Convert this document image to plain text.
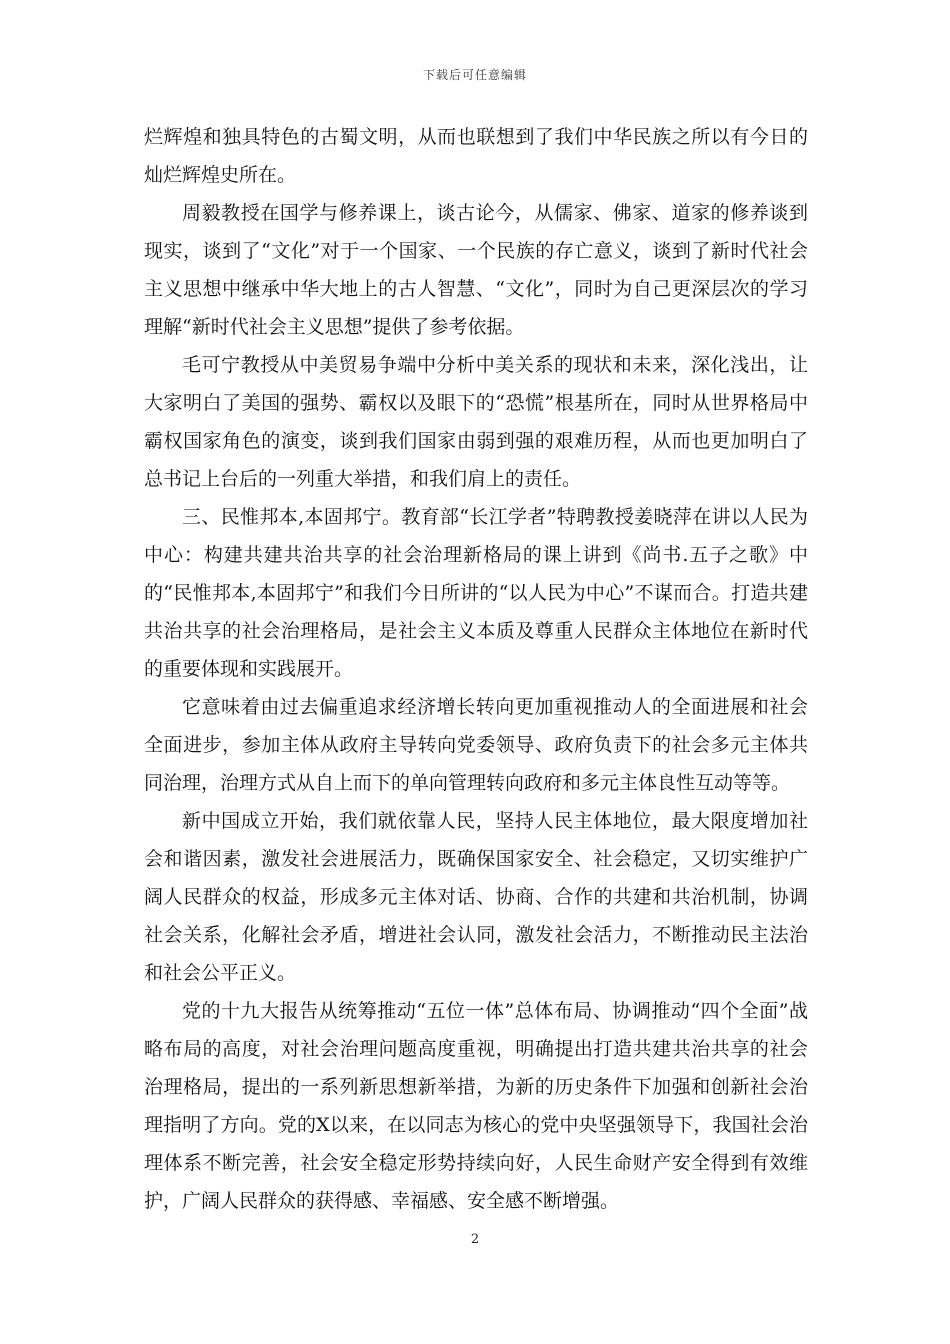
下载后可任意编辑

烂辉煌和独具特色的古蜀文明，从而也联想到了我们中华民族之所以有今日的灿烂辉煌史所在。

周毅教授在国学与修养课上，谈古论今，从儒家、佛家、道家的修养谈到现实，谈到了“文化”对于一个国家、一个民族的存亡意义，谈到了新时代社会主义思想中继承中华大地上的古人智慧、“文化”，同时为自己更深层次的学习理解“新时代社会主义思想”提供了参考依据。

毛可宁教授从中美贸易争端中分析中美关系的现状和未来，深化浅出，让大家明白了美国的强势、霸权以及眼下的“恐慌”根基所在，同时从世界格局中霸权国家角色的演变，谈到我们国家由弱到强的艰难历程，从而也更加明白了总书记上台后的一列重大举措，和我们肩上的责任。

三、民惟邦本,本固邦宁。教育部“长江学者”特聘教授姜晓萍在讲以人民为中心：构建共建共治共享的社会治理新格局的课上讲到《尚书.五子之歌》中的“民惟邦本,本固邦宁”和我们今日所讲的“以人民为中心”不谋而合。打造共建共治共享的社会治理格局，是社会主义本质及尊重人民群众主体地位在新时代的重要体现和实践展开。

它意味着由过去偏重追求经济增长转向更加重视推动人的全面进展和社会全面进步，参加主体从政府主导转向党委领导、政府负责下的社会多元主体共同治理，治理方式从自上而下的单向管理转向政府和多元主体良性互动等等。

新中国成立开始，我们就依靠人民，坚持人民主体地位，最大限度增加社会和谐因素，激发社会进展活力，既确保国家安全、社会稳定，又切实维护广阔人民群众的权益，形成多元主体对话、协商、合作的共建和共治机制，协调社会关系，化解社会矛盾，增进社会认同，激发社会活力，不断推动民主法治和社会公平正义。

党的十九大报告从统筹推动“五位一体”总体布局、协调推动“四个全面”战略布局的高度，对社会治理问题高度重视，明确提出打造共建共治共享的社会治理格局，提出的一系列新思想新举措，为新的历史条件下加强和创新社会治理指明了方向。党的X以来，在以同志为核心的党中央坚强领导下，我国社会治理体系不断完善，社会安全稳定形势持续向好，人民生命财产安全得到有效维护，广阔人民群众的获得感、幸福感、安全感不断增强。

2
